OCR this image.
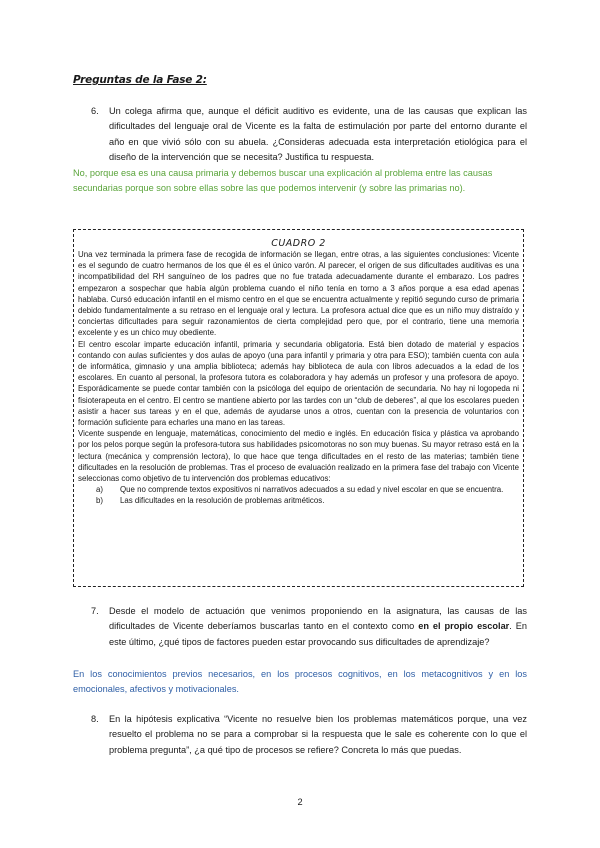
Preguntas de la Fase 2:
6. Un colega afirma que, aunque el déficit auditivo es evidente, una de las causas que explican las dificultades del lenguaje oral de Vicente es la falta de estimulación por parte del entorno durante el año en que vivió sólo con su abuela. ¿Consideras adecuada esta interpretación etiológica para el diseño de la intervención que se necesita? Justifica tu respuesta.
No, porque esa es una causa primaria y debemos buscar una explicación al problema entre las causas secundarias porque son sobre ellas sobre las que podemos intervenir (y sobre las primarias no).
CUADRO 2

Una vez terminada la primera fase de recogida de información se llegan, entre otras, a las siguientes conclusiones: Vicente es el segundo de cuatro hermanos de los que él es el único varón. Al parecer, el origen de sus dificultades auditivas es una incompatibilidad del RH sanguíneo de los padres que no fue tratada adecuadamente durante el embarazo. Los padres empezaron a sospechar que había algún problema cuando el niño tenía en torno a 3 años porque a esa edad apenas hablaba. Cursó educación infantil en el mismo centro en el que se encuentra actualmente y repitió segundo curso de primaria debido fundamentalmente a su retraso en el lenguaje oral y lectura. La profesora actual dice que es un niño muy distraído y conciertas dificultades para seguir razonamientos de cierta complejidad pero que, por el contrario, tiene una memoria excelente y es un chico muy obediente.

El centro escolar imparte educación infantil, primaria y secundaria obligatoria. Está bien dotado de material y espacios contando con aulas suficientes y dos aulas de apoyo (una para infantil y primaria y otra para ESO); también cuenta con aula de informática, gimnasio y una amplia biblioteca; además hay biblioteca de aula con libros adecuados a la edad de los escolares. En cuanto al personal, la profesora tutora es colaboradora y hay además un profesor y una profesora de apoyo. Esporádicamente se puede contar también con la psicóloga del equipo de orientación de secundaria. No hay ni logopeda ni fisioterapeuta en el centro. El centro se mantiene abierto por las tardes con un “club de deberes”, al que los escolares pueden asistir a hacer sus tareas y en el que, además de ayudarse unos a otros, cuentan con la presencia de voluntarios con formación suficiente para echarles una mano en las tareas.

Vicente suspende en lenguaje, matemáticas, conocimiento del medio e inglés. En educación física y plástica va aprobando por los pelos porque según la profesora-tutora sus habilidades psicomotoras no son muy buenas. Su mayor retraso está en la lectura (mecánica y comprensión lectora), lo que hace que tenga dificultades en el resto de las materias; también tiene dificultades en la resolución de problemas. Tras el proceso de evaluación realizado en la primera fase del trabajo con Vicente seleccionas como objetivo de tu intervención dos problemas educativos:

a) Que no comprende textos expositivos ni narrativos adecuados a su edad y nivel escolar en que se encuentra.
b) Las dificultades en la resolución de problemas aritméticos.
7. Desde el modelo de actuación que venimos proponiendo en la asignatura, las causas de las dificultades de Vicente deberíamos buscarlas tanto en el contexto como en el propio escolar. En este último, ¿qué tipos de factores pueden estar provocando sus dificultades de aprendizaje?
En los conocimientos previos necesarios, en los procesos cognitivos, en los metacognitivos y en los emocionales, afectivos y motivacionales.
8. En la hipótesis explicativa “Vicente no resuelve bien los problemas matemáticos porque, una vez resuelto el problema no se para a comprobar si la respuesta que le sale es coherente con lo que el problema pregunta”, ¿a qué tipo de procesos se refiere? Concreta lo más que puedas.
2
